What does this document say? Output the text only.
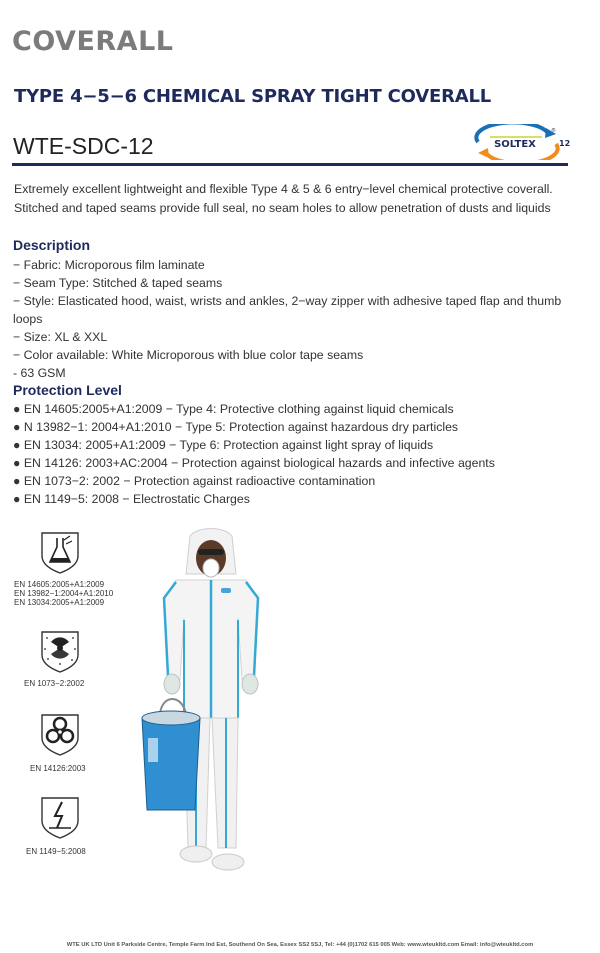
COVERALL
TYPE 4−5−6 CHEMICAL SPRAY TIGHT COVERALL
WTE-SDC-12	SOLTEX	12
®
Extremely excellent lightweight and flexible Type 4 & 5 & 6 entry−level chemical protective coverall. Stitched and taped seams provide full seal, no seam holes to allow penetration of dusts and liquids
Description

− Fabric: Microporous film laminate

− Seam Type: Stitched & taped seams

− Style: Elasticated hood, waist, wrists and ankles, 2−way zipper with adhesive taped flap and thumb loops

− Size: XL & XXL

− Color available: White Microporous with blue color tape seams

- 63 GSM

Protection Level
● EN 14605:2005+A1:2009 − Type 4: Protective clothing against liquid chemicals
● N 13982−1: 2004+A1:2010 − Type 5: Protection against hazardous dry particles
● EN 13034: 2005+A1:2009 − Type 6: Protection against light spray of liquids
● EN 14126: 2003+AC:2004 − Protection against biological hazards and infective agents
● EN 1073−2: 2002 − Protection against radioactive contamination
● EN 1149−5: 2008 − Electrostatic Charges
EN 14605:2005+A1:2009
EN 13982−1:2004+A1:2010
EN 13034:2005+A1:2009
EN 1073−2:2002
EN 14126:2003
EN 1149−5:2008
WTE UK LTD Unit 6 Parkside Centre, Temple Farm Ind Est, Southend On Sea, Essex SS2 5SJ, Tel: +44 (0)1702 615 005 Web: www.wteukltd.com Email: info@wteukltd.com
